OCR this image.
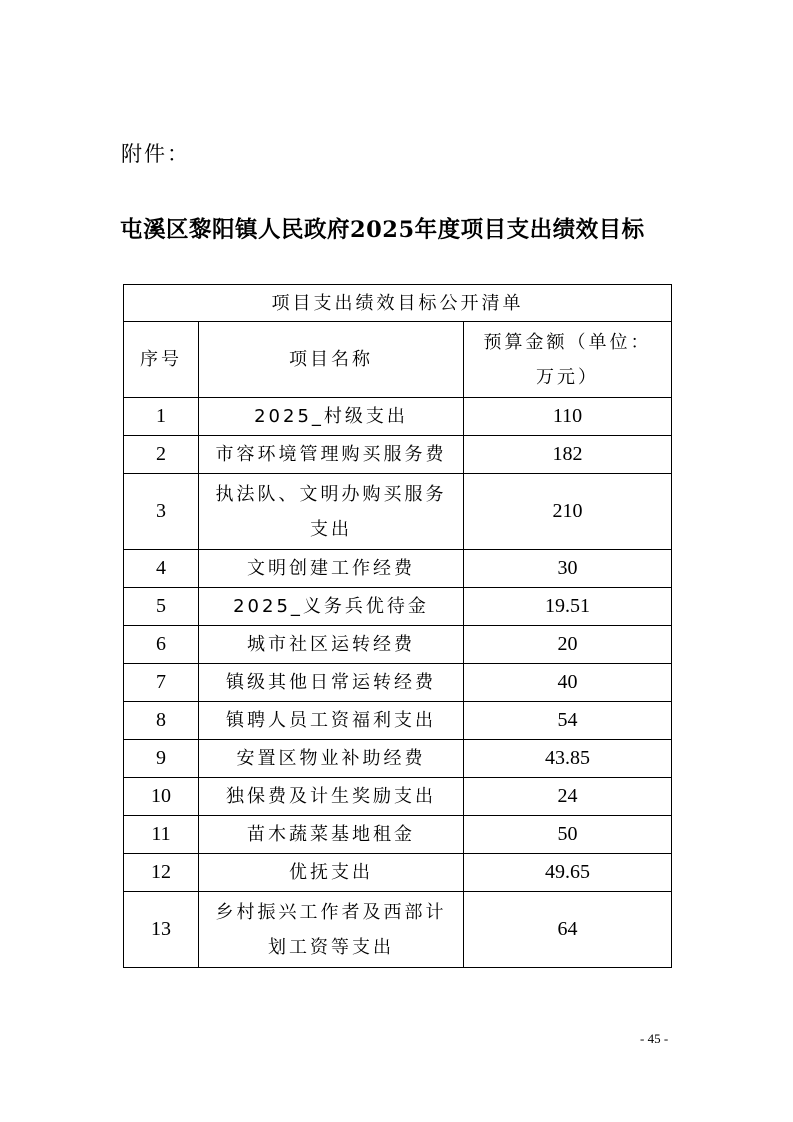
附件：
屯溪区黎阳镇人民政府2025年度项目支出绩效目标
项目支出绩效目标公开清单		
序号	项目名称	预算金额（单位：万元）
1	2025_村级支出	110
2	市容环境管理购买服务费	182
3	执法队、文明办购买服务支出	210
4	文明创建工作经费	30
5	2025_义务兵优待金	19.51
6	城市社区运转经费	20
7	镇级其他日常运转经费	40
8	镇聘人员工资福利支出	54
9	安置区物业补助经费	43.85
10	独保费及计生奖励支出	24
11	苗木蔬菜基地租金	50
12	优抚支出	49.65
13	乡村振兴工作者及西部计划工资等支出	64
- 45 -
